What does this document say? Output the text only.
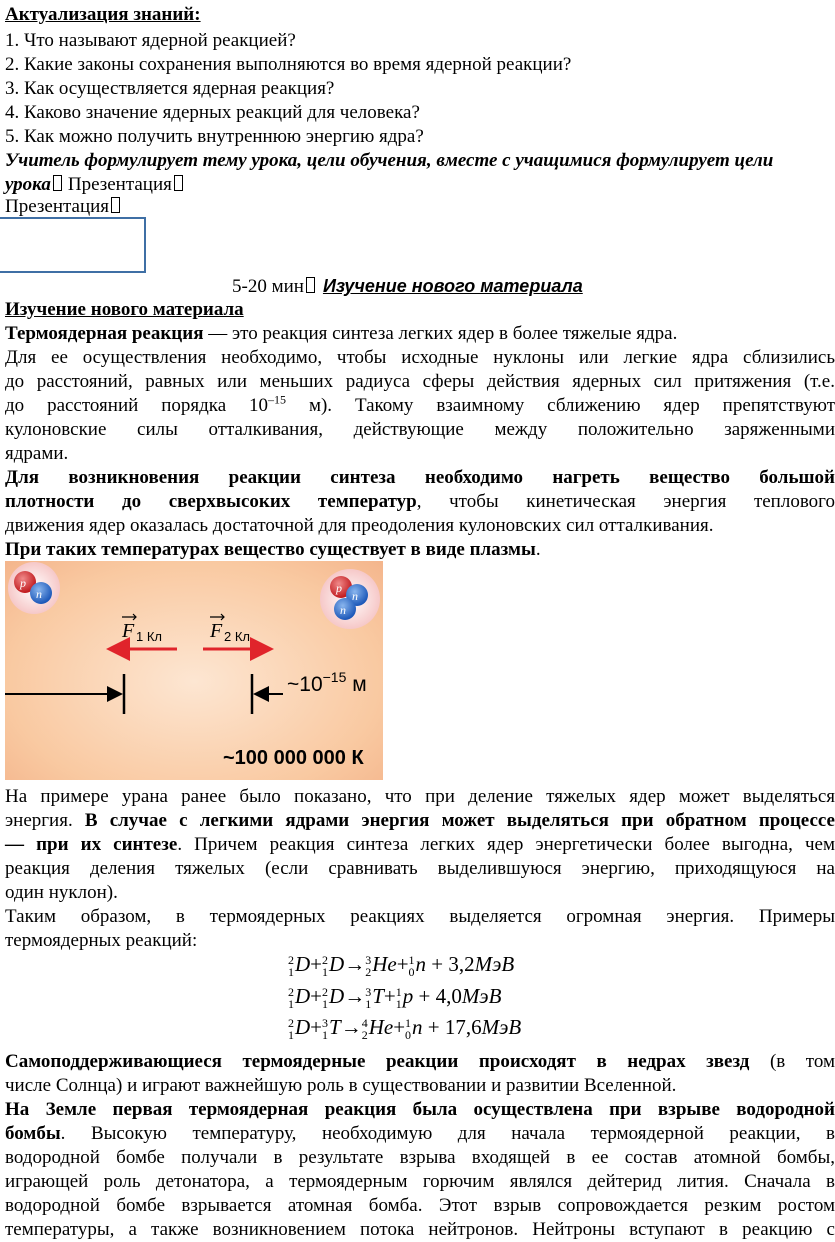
Актуализация знаний:
1. Что называют ядерной реакцией?
2. Какие законы сохранения выполняются во время ядерной реакции?
3. Как осуществляется ядерная реакция?
4. Каково значение ядерных реакций для человека?
5. Как можно получить внутреннюю энергию ядра?
Учитель формулирует тему урока, цели обучения, вместе с учащимися формулирует цели
урока Презентация
Презентация
5-20 мин Изучение нового материала
Изучение нового материала
Термоядерная реакция — это реакция синтеза легких ядер в более тяжелые ядра.
Для ее осуществления необходимо, чтобы исходные нуклоны или легкие ядра сблизились
до расстояний, равных или меньших радиуса сферы действия ядерных сил притяжения (т.е.
до расстояний порядка $10^{-15}$ м). Такому взаимному сближению ядер препятствуют
кулоновские силы отталкивания, действующие между положительно заряженными
ядрами.
Для возникновения реакции синтеза необходимо нагреть вещество большой
плотности до сверхвысоких температур, чтобы кинетическая энергия теплового
движения ядер оказалась достаточной для преодоления кулоновских сил отталкивания.
При таких температурах вещество существует в виде плазмы.
p
n	p
n
n
F 1 Кл F 2 Кл
$\sim 10^{-15}$ м
~100 000 000 К
На примере урана ранее было показано, что при деление тяжелых ядер может выделяться
энергия. В случае с легкими ядрами энергия может выделяться при обратном процессе
— при их синтезе. Причем реакция синтеза легких ядер энергетически более выгодна, чем
реакция деления тяжелых (если сравнивать выделившуюся энергию, приходящуюся на
один нуклон).
Таким образом, в термоядерных реакциях выделяется огромная энергия. Примеры
термоядерных реакций:
2
1D+2
1D→3
2He+1
0n + 3,2МэВ
2
1D+2
1D→3
1T+1
1p + 4,0МэВ
2
1D+3
1T→4
2He+1
0n + 17,6МэВ
Самоподдерживающиеся термоядерные реакции происходят в недрах звезд (в том
числе Солнца) и играют важнейшую роль в существовании и развитии Вселенной.
На Земле первая термоядерная реакция была осуществлена при взрыве водородной
бомбы. Высокую температуру, необходимую для начала термоядерной реакции, в
водородной бомбе получали в результате взрыва входящей в ее состав атомной бомбы,
играющей роль детонатора, а термоядерным горючим являлся дейтерид лития. Сначала в
водородной бомбе взрывается атомная бомба. Этот взрыв сопровождается резким ростом
температуры, а также возникновением потока нейтронов. Нейтроны вступают в реакцию с
